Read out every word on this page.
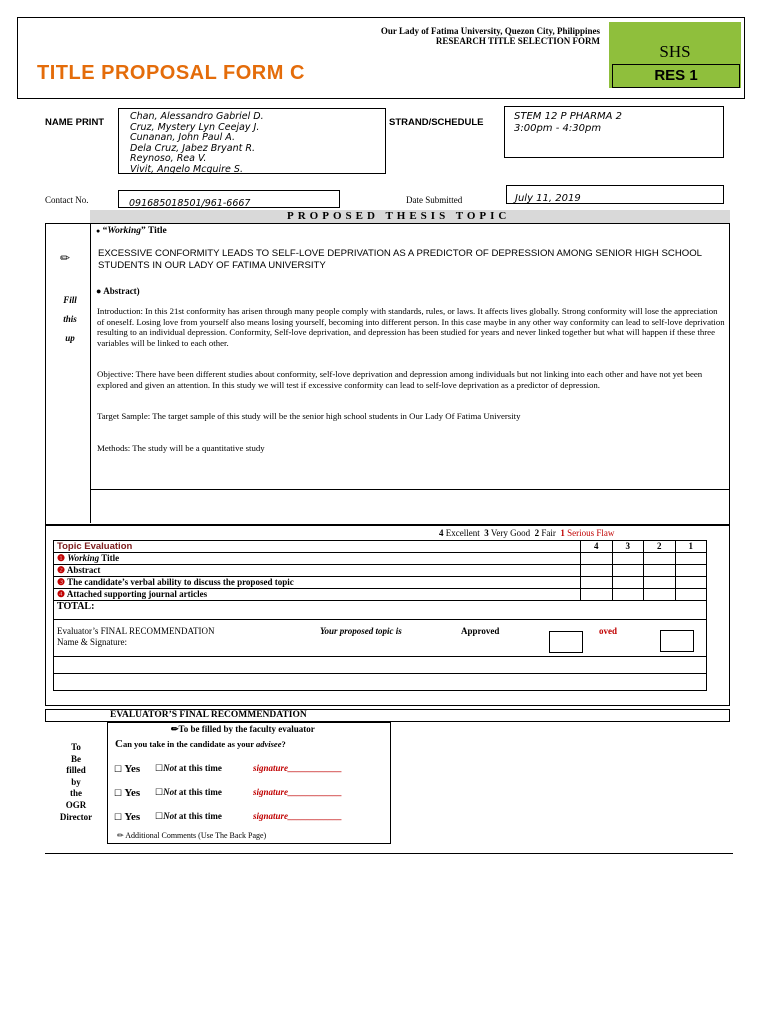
Our Lady of Fatima University, Quezon City, Philippines
RESEARCH TITLE SELECTION FORM
TITLE PROPOSAL FORM C
SHS
RES 1
NAME PRINT
Chan, Alessandro Gabriel D.
Cruz, Mystery Lyn Ceejay J.
Cunanan, John Paul A.
Dela Cruz, Jabez Bryant R.
Reynoso, Rea V.
Vivit, Angelo Mcguire S.
STRAND/SCHEDULE
STEM 12 P PHARMA 2
3:00pm - 4:30pm
Contact No.	091685018501/961-6667	Date Submitted	July 11, 2019
PROPOSED THESIS TOPIC
✏
Fill
this
up
● “Working” Title
EXCESSIVE CONFORMITY LEADS TO SELF-LOVE DEPRIVATION AS A PREDICTOR OF DEPRESSION AMONG SENIOR HIGH SCHOOL STUDENTS IN OUR LADY OF FATIMA UNIVERSITY
● Abstract)
Introduction: In this 21st conformity has arisen through many people comply with standards, rules, or laws. It affects lives globally. Strong conformity will lose the appreciation of oneself. Losing love from yourself also means losing yourself, becoming into different person. In this case maybe in any other way conformity can lead to self-love deprivation resulting to an individual depression. Conformity, Self-love deprivation, and depression has been studied for years and never linked together but what will happen if these three variables will be linked to each other.
Objective: There have been different studies about conformity, self-love deprivation and depression among individuals but not linking into each other and have not yet been explored and given an attention. In this study we will test if excessive conformity can lead to self-love deprivation as a predictor of depression.
Target Sample: The target sample of this study will be the senior high school students in Our Lady Of Fatima University
Methods: The study will be a quantitative study
4 Excellent 3 Very Good 2 Fair 1 Serious Flaw
Topic Evaluation	4	3	2	1
❶ Working Title				
❷ Abstract				
❸ The candidate’s verbal ability to discuss the proposed topic				
❹ Attached supporting journal articles				
TOTAL:				
Evaluator’s FINAL RECOMMENDATION Your proposed topic is Approved oved
Name & Signature:				

EVALUATOR’S FINAL RECOMMENDATION
To
Be
filled
by
the
OGR
Director
✏To be filled by the faculty evaluator
Can you take in the candidate as your advisee?
☐ Yes ☐Not at this time	signature____________
☐ Yes ☐Not at this time	signature____________
☐ Yes ☐Not at this time	signature____________
✏ Additional Comments (Use The Back Page)
